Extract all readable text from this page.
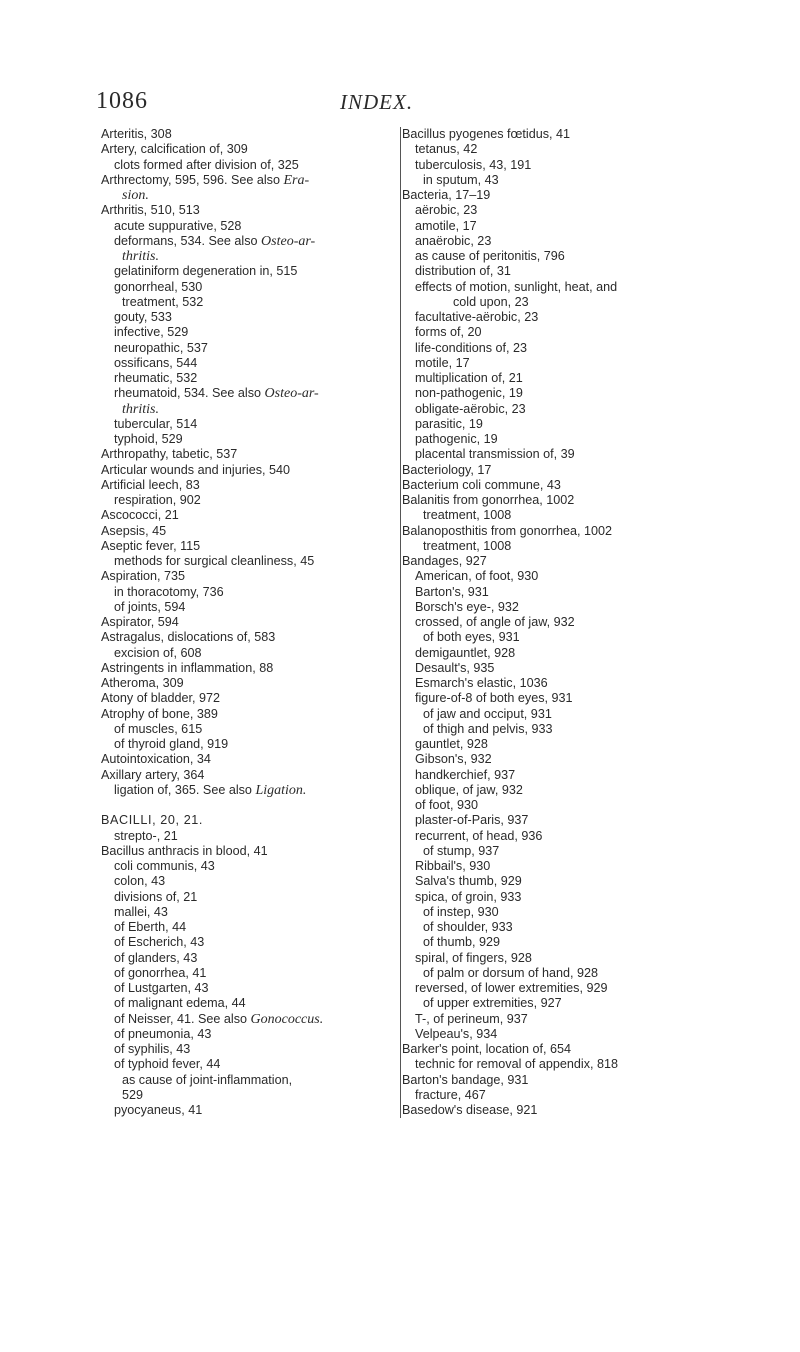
1086	INDEX.
Arteritis, 308
Artery, calcification of, 309
clots formed after division of, 325
Arthrectomy, 595, 596. See also Era-
sion.
Arthritis, 510, 513
acute suppurative, 528
deformans, 534. See also Osteo-ar-
thritis.
gelatiniform degeneration in, 515
gonorrheal, 530
treatment, 532
gouty, 533
infective, 529
neuropathic, 537
ossificans, 544
rheumatic, 532
rheumatoid, 534. See also Osteo-ar-
thritis.
tubercular, 514
typhoid, 529
Arthropathy, tabetic, 537
Articular wounds and injuries, 540
Artificial leech, 83
respiration, 902
Ascococci, 21
Asepsis, 45
Aseptic fever, 115
methods for surgical cleanliness, 45
Aspiration, 735
in thoracotomy, 736
of joints, 594
Aspirator, 594
Astragalus, dislocations of, 583
excision of, 608
Astringents in inflammation, 88
Atheroma, 309
Atony of bladder, 972
Atrophy of bone, 389
of muscles, 615
of thyroid gland, 919
Autointoxication, 34
Axillary artery, 364
ligation of, 365. See also Ligation.
BACILLI, 20, 21.
strepto-, 21
Bacillus anthracis in blood, 41
coli communis, 43
colon, 43
divisions of, 21
mallei, 43
of Eberth, 44
of Escherich, 43
of glanders, 43
of gonorrhea, 41
of Lustgarten, 43
of malignant edema, 44
of Neisser, 41. See also Gonococcus.
of pneumonia, 43
of syphilis, 43
of typhoid fever, 44
as cause of joint-inflammation,
529
pyocyaneus, 41
Bacillus pyogenes fœtidus, 41
tetanus, 42
tuberculosis, 43, 191
in sputum, 43
Bacteria, 17–19
aërobic, 23
amotile, 17
anaërobic, 23
as cause of peritonitis, 796
distribution of, 31
effects of motion, sunlight, heat, and
cold upon, 23
facultative-aërobic, 23
forms of, 20
life-conditions of, 23
motile, 17
multiplication of, 21
non-pathogenic, 19
obligate-aërobic, 23
parasitic, 19
pathogenic, 19
placental transmission of, 39
Bacteriology, 17
Bacterium coli commune, 43
Balanitis from gonorrhea, 1002
treatment, 1008
Balanoposthitis from gonorrhea, 1002
treatment, 1008
Bandages, 927
American, of foot, 930
Barton's, 931
Borsch's eye-, 932
crossed, of angle of jaw, 932
of both eyes, 931
demigauntlet, 928
Desault's, 935
Esmarch's elastic, 1036
figure-of-8 of both eyes, 931
of jaw and occiput, 931
of thigh and pelvis, 933
gauntlet, 928
Gibson's, 932
handkerchief, 937
oblique, of jaw, 932
of foot, 930
plaster-of-Paris, 937
recurrent, of head, 936
of stump, 937
Ribbail's, 930
Salva's thumb, 929
spica, of groin, 933
of instep, 930
of shoulder, 933
of thumb, 929
spiral, of fingers, 928
of palm or dorsum of hand, 928
reversed, of lower extremities, 929
of upper extremities, 927
T-, of perineum, 937
Velpeau's, 934
Barker's point, location of, 654
technic for removal of appendix, 818
Barton's bandage, 931
fracture, 467
Basedow's disease, 921
